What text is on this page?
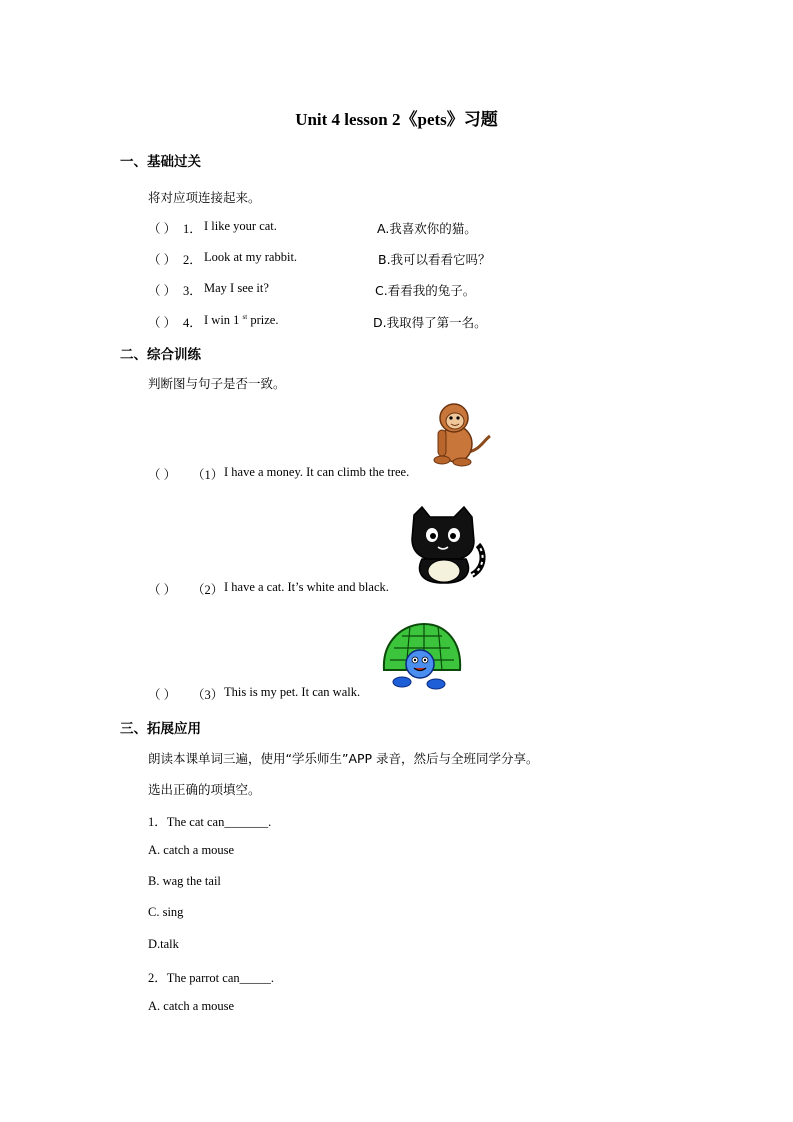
Unit 4 lesson 2《pets》习题
一、基础过关
将对应项连接起来。
（ ） 1． I like your cat.	A.我喜欢你的猫。
（ ） 2． Look at my rabbit.	B.我可以看看它吗？
（ ） 3． May I see it?	C.看看我的兔子。
（ ） 4． I win 1 $^{st}$ prize.	D.我取得了第一名。
二、综合训练
判断图与句子是否一致。
（ ） （1） I have a money. It can climb the tree.
（ ） （2） I have a cat. It’s white and black.
（ ） （3） This is my pet. It can walk.
三、拓展应用
朗读本课单词三遍，使用“学乐师生”APP 录音，然后与全班同学分享。
选出正确的项填空。
1．The cat can_______.
A. catch a mouse
B. wag the tail
C. sing
D.talk
2．The parrot can_____.
A. catch a mouse
